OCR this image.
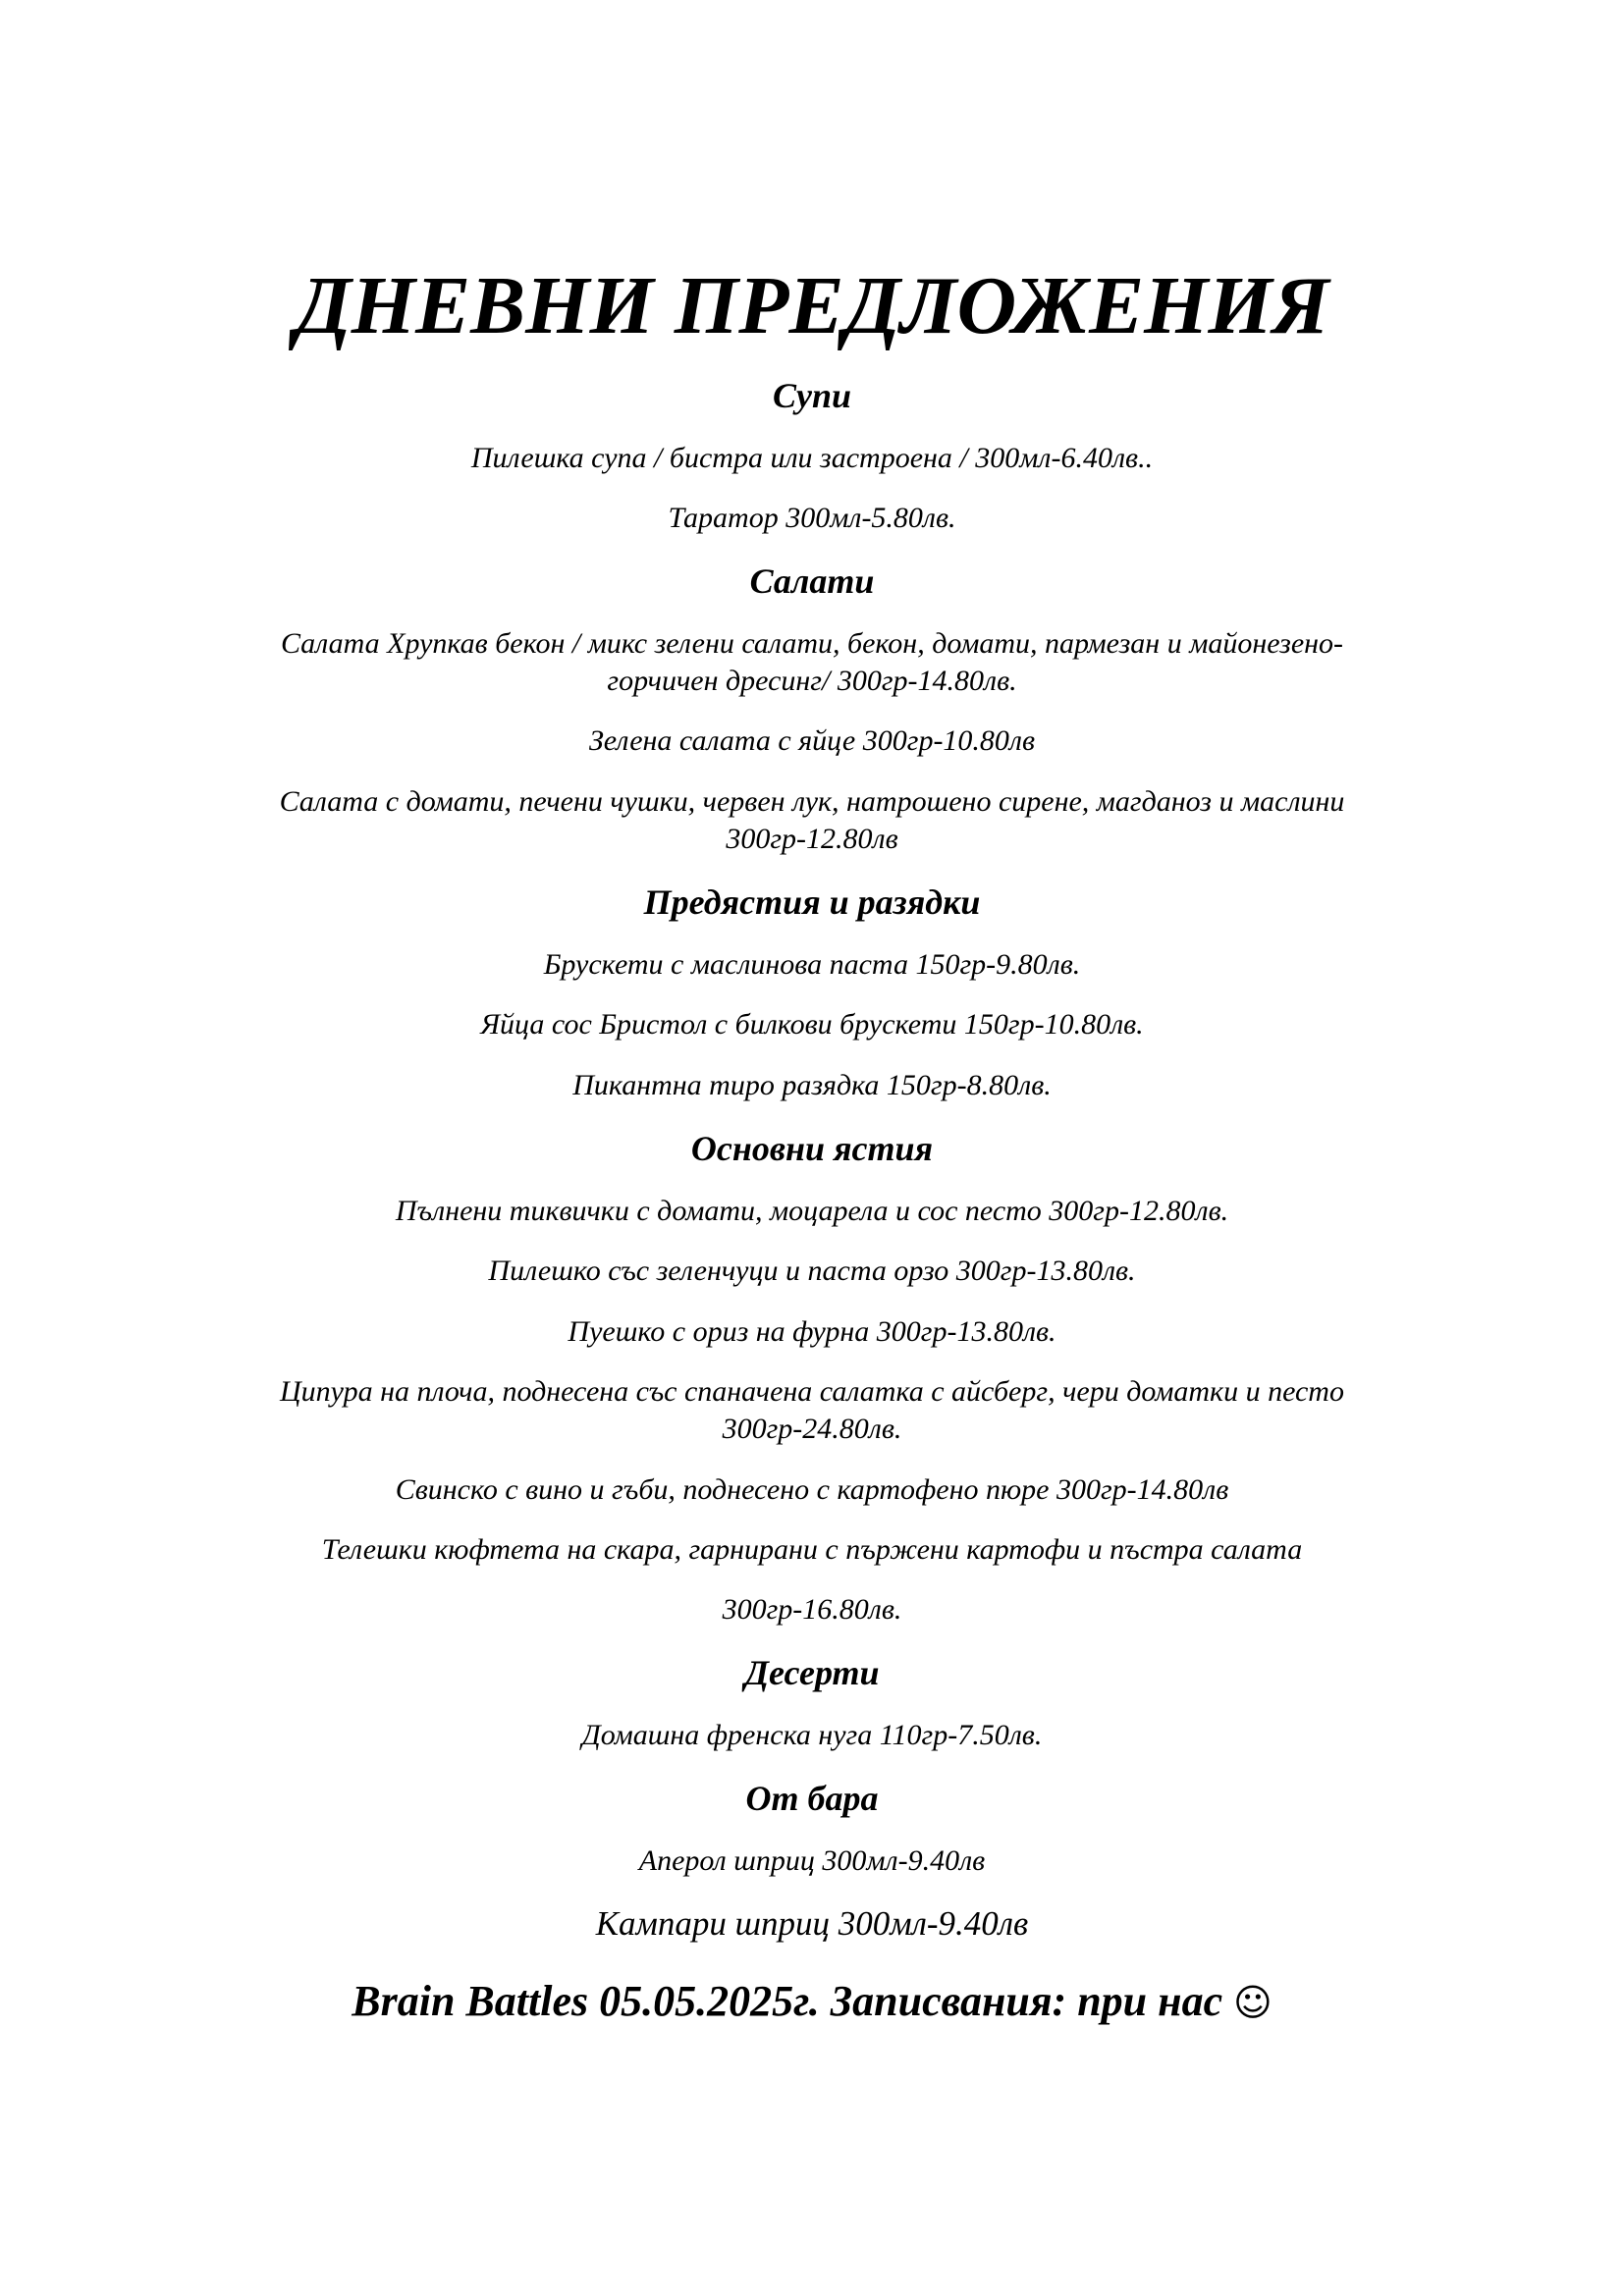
ДНЕВНИ ПРЕДЛОЖЕНИЯ
Супи
Пилешка супа / бистра или застроена / 300мл-6.40лв..
Таратор 300мл-5.80лв.
Салати
Салата Хрупкав бекон / микс зелени салати, бекон, домати, пармезан и майонезено-
горчичен дресинг/ 300гр-14.80лв.
Зелена салата с яйце 300гр-10.80лв
Салата с домати, печени чушки, червен лук, натрошено сирене, магданоз и маслини
300гр-12.80лв
Предястия и разядки
Брускети с маслинова паста 150гр-9.80лв.
Яйца сос Бристол с билкови брускети 150гр-10.80лв.
Пикантна тиро разядка 150гр-8.80лв.
Основни ястия
Пълнени тиквички с домати, моцарела и сос песто 300гр-12.80лв.
Пилешко със зеленчуци и паста орзо 300гр-13.80лв.
Пуешко с ориз на фурна 300гр-13.80лв.
Ципура на плоча, поднесена със спаначена салатка с айсберг, чери доматки и песто
300гр-24.80лв.
Свинско с вино и гъби, поднесено с картофено пюре 300гр-14.80лв
Телешки кюфтета на скара, гарнирани с пържени картофи и пъстра салата
300гр-16.80лв.
Десерти
Домашна френска нуга 110гр-7.50лв.
От бара
Аперол шприц 300мл-9.40лв
Кампари шприц 300мл-9.40лв
Brain Battles 05.05.2025г. Записвания: при нас ☺
